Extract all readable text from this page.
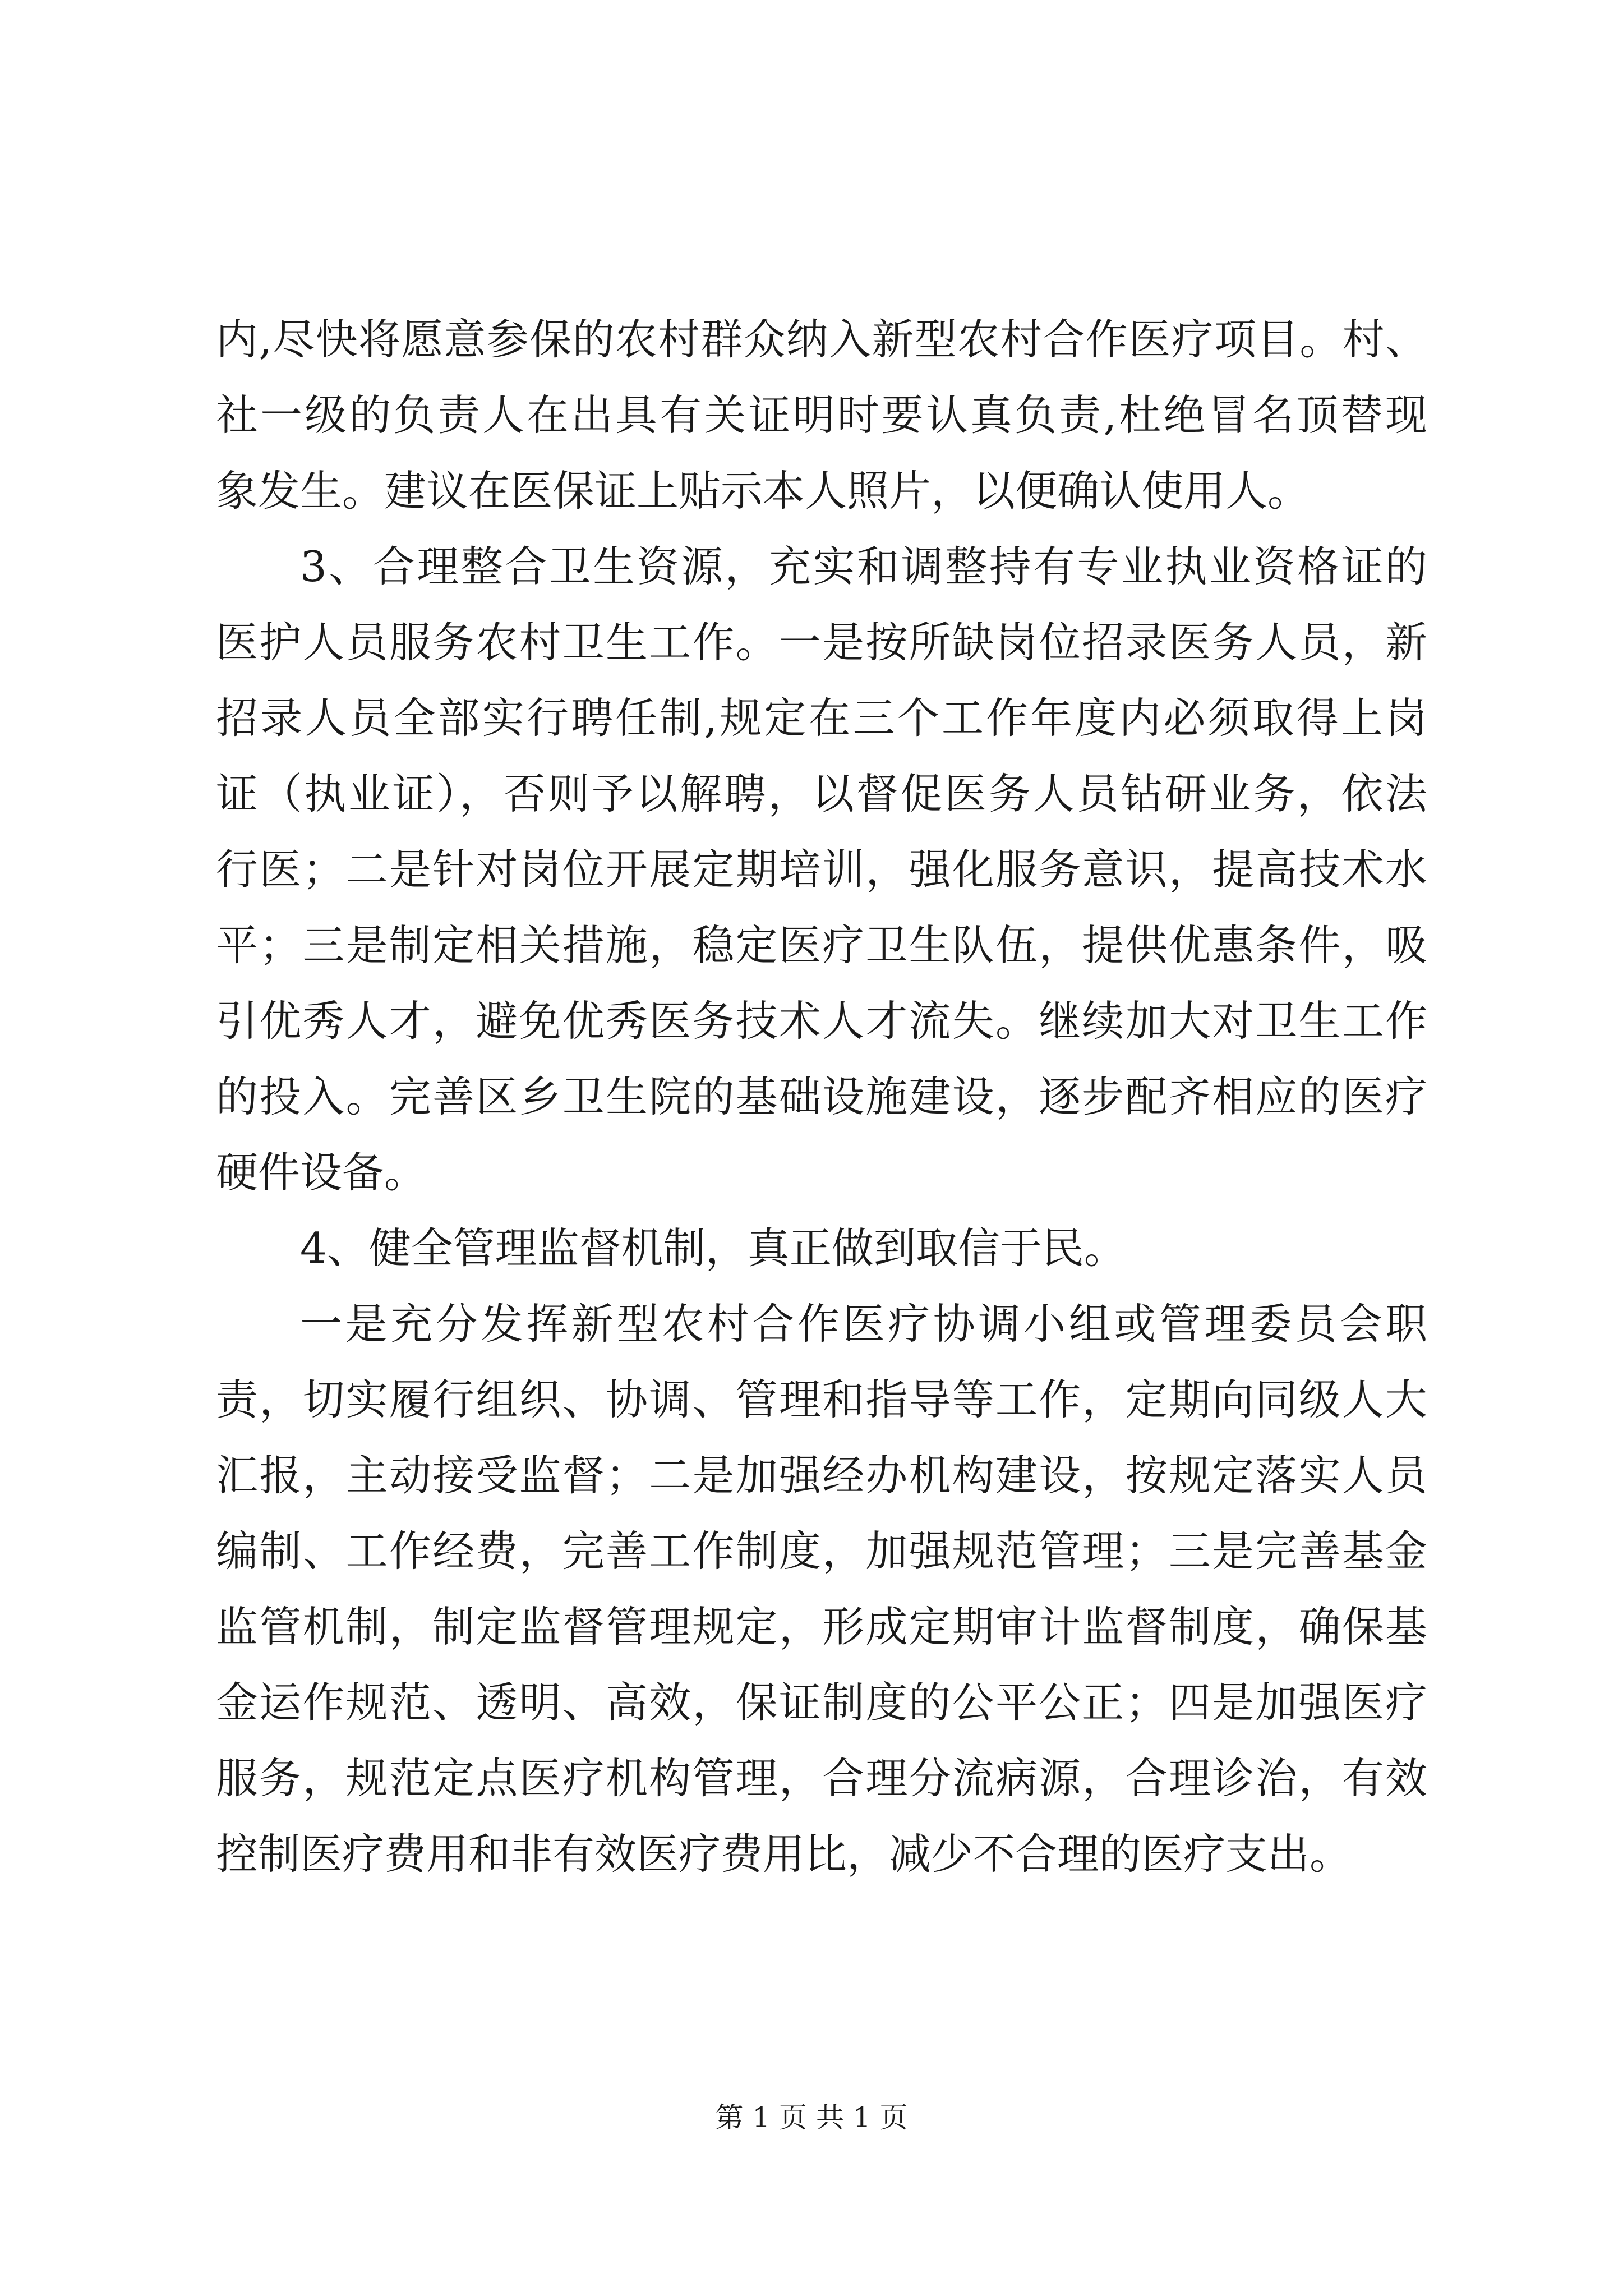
内,尽快将愿意参保的农村群众纳入新型农村合作医疗项目。村、
社一级的负责人在出具有关证明时要认真负责,杜绝冒名顶替现
象发生。建议在医保证上贴示本人照片，以便确认使用人。
3、合理整合卫生资源，充实和调整持有专业执业资格证的
医护人员服务农村卫生工作。一是按所缺岗位招录医务人员，新
招录人员全部实行聘任制,规定在三个工作年度内必须取得上岗
证（执业证），否则予以解聘，以督促医务人员钻研业务，依法
行医；二是针对岗位开展定期培训，强化服务意识，提高技术水
平；三是制定相关措施，稳定医疗卫生队伍，提供优惠条件，吸
引优秀人才，避免优秀医务技术人才流失。继续加大对卫生工作
的投入。完善区乡卫生院的基础设施建设，逐步配齐相应的医疗
硬件设备。
4、健全管理监督机制，真正做到取信于民。
一是充分发挥新型农村合作医疗协调小组或管理委员会职
责，切实履行组织、协调、管理和指导等工作，定期向同级人大
汇报，主动接受监督；二是加强经办机构建设，按规定落实人员
编制、工作经费，完善工作制度，加强规范管理；三是完善基金
监管机制，制定监督管理规定，形成定期审计监督制度，确保基
金运作规范、透明、高效，保证制度的公平公正；四是加强医疗
服务，规范定点医疗机构管理，合理分流病源，合理诊治，有效
控制医疗费用和非有效医疗费用比，减少不合理的医疗支出。
第 1 页 共 1 页
